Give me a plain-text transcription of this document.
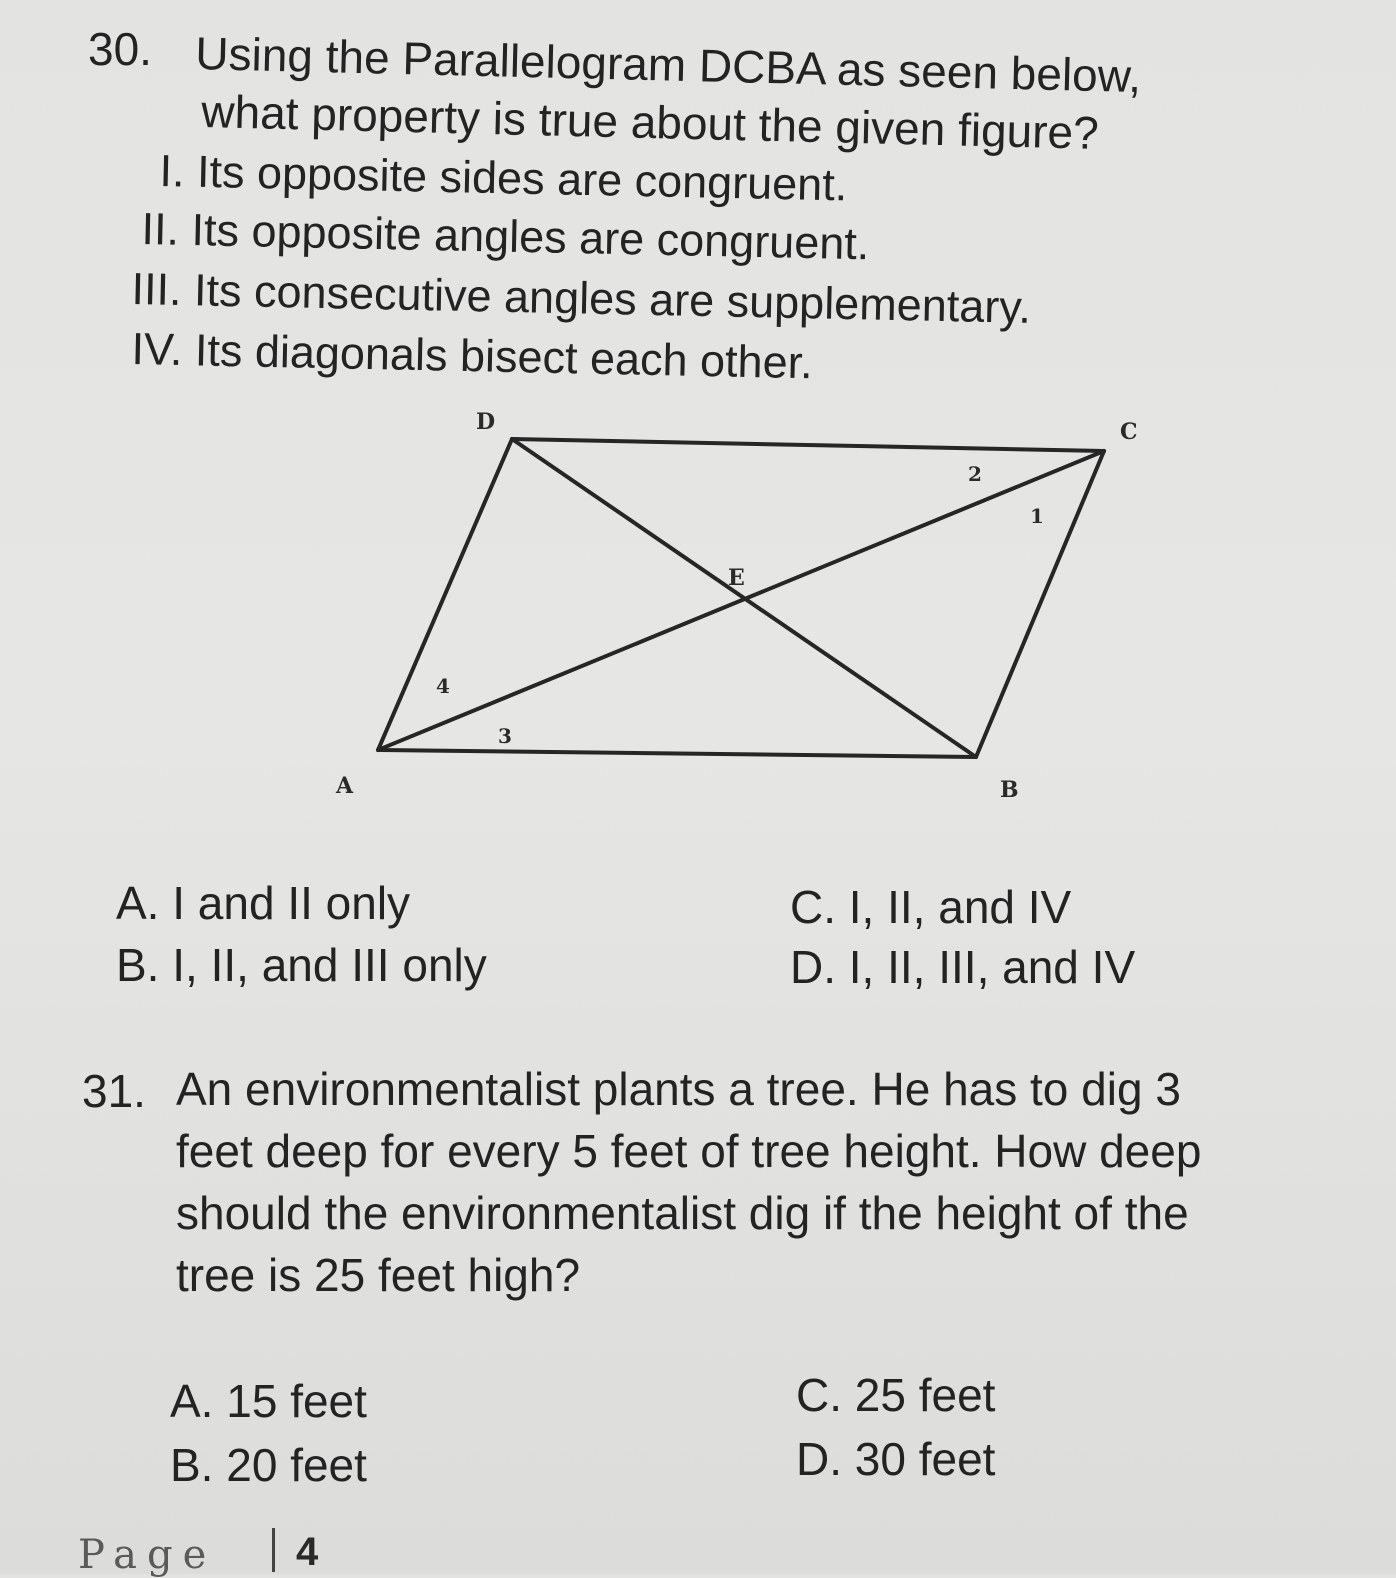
30. Using the Parallelogram DCBA as seen below,
what property is true about the given figure?
I. Its opposite sides are congruent.
II. Its opposite angles are congruent.
III. Its consecutive angles are supplementary.
IV. Its diagonals bisect each other.
D	C
B
A
E
1
2
3
4
A. I and II only
B. I, II, and III only
C. I, II, and IV
D. I, II, III, and IV
31. An environmentalist plants a tree. He has to dig 3
feet deep for every 5 feet of tree height. How deep
should the environmentalist dig if the height of the
tree is 25 feet high?
A. 15 feet
B. 20 feet
C. 25 feet
D. 30 feet
Page 4
